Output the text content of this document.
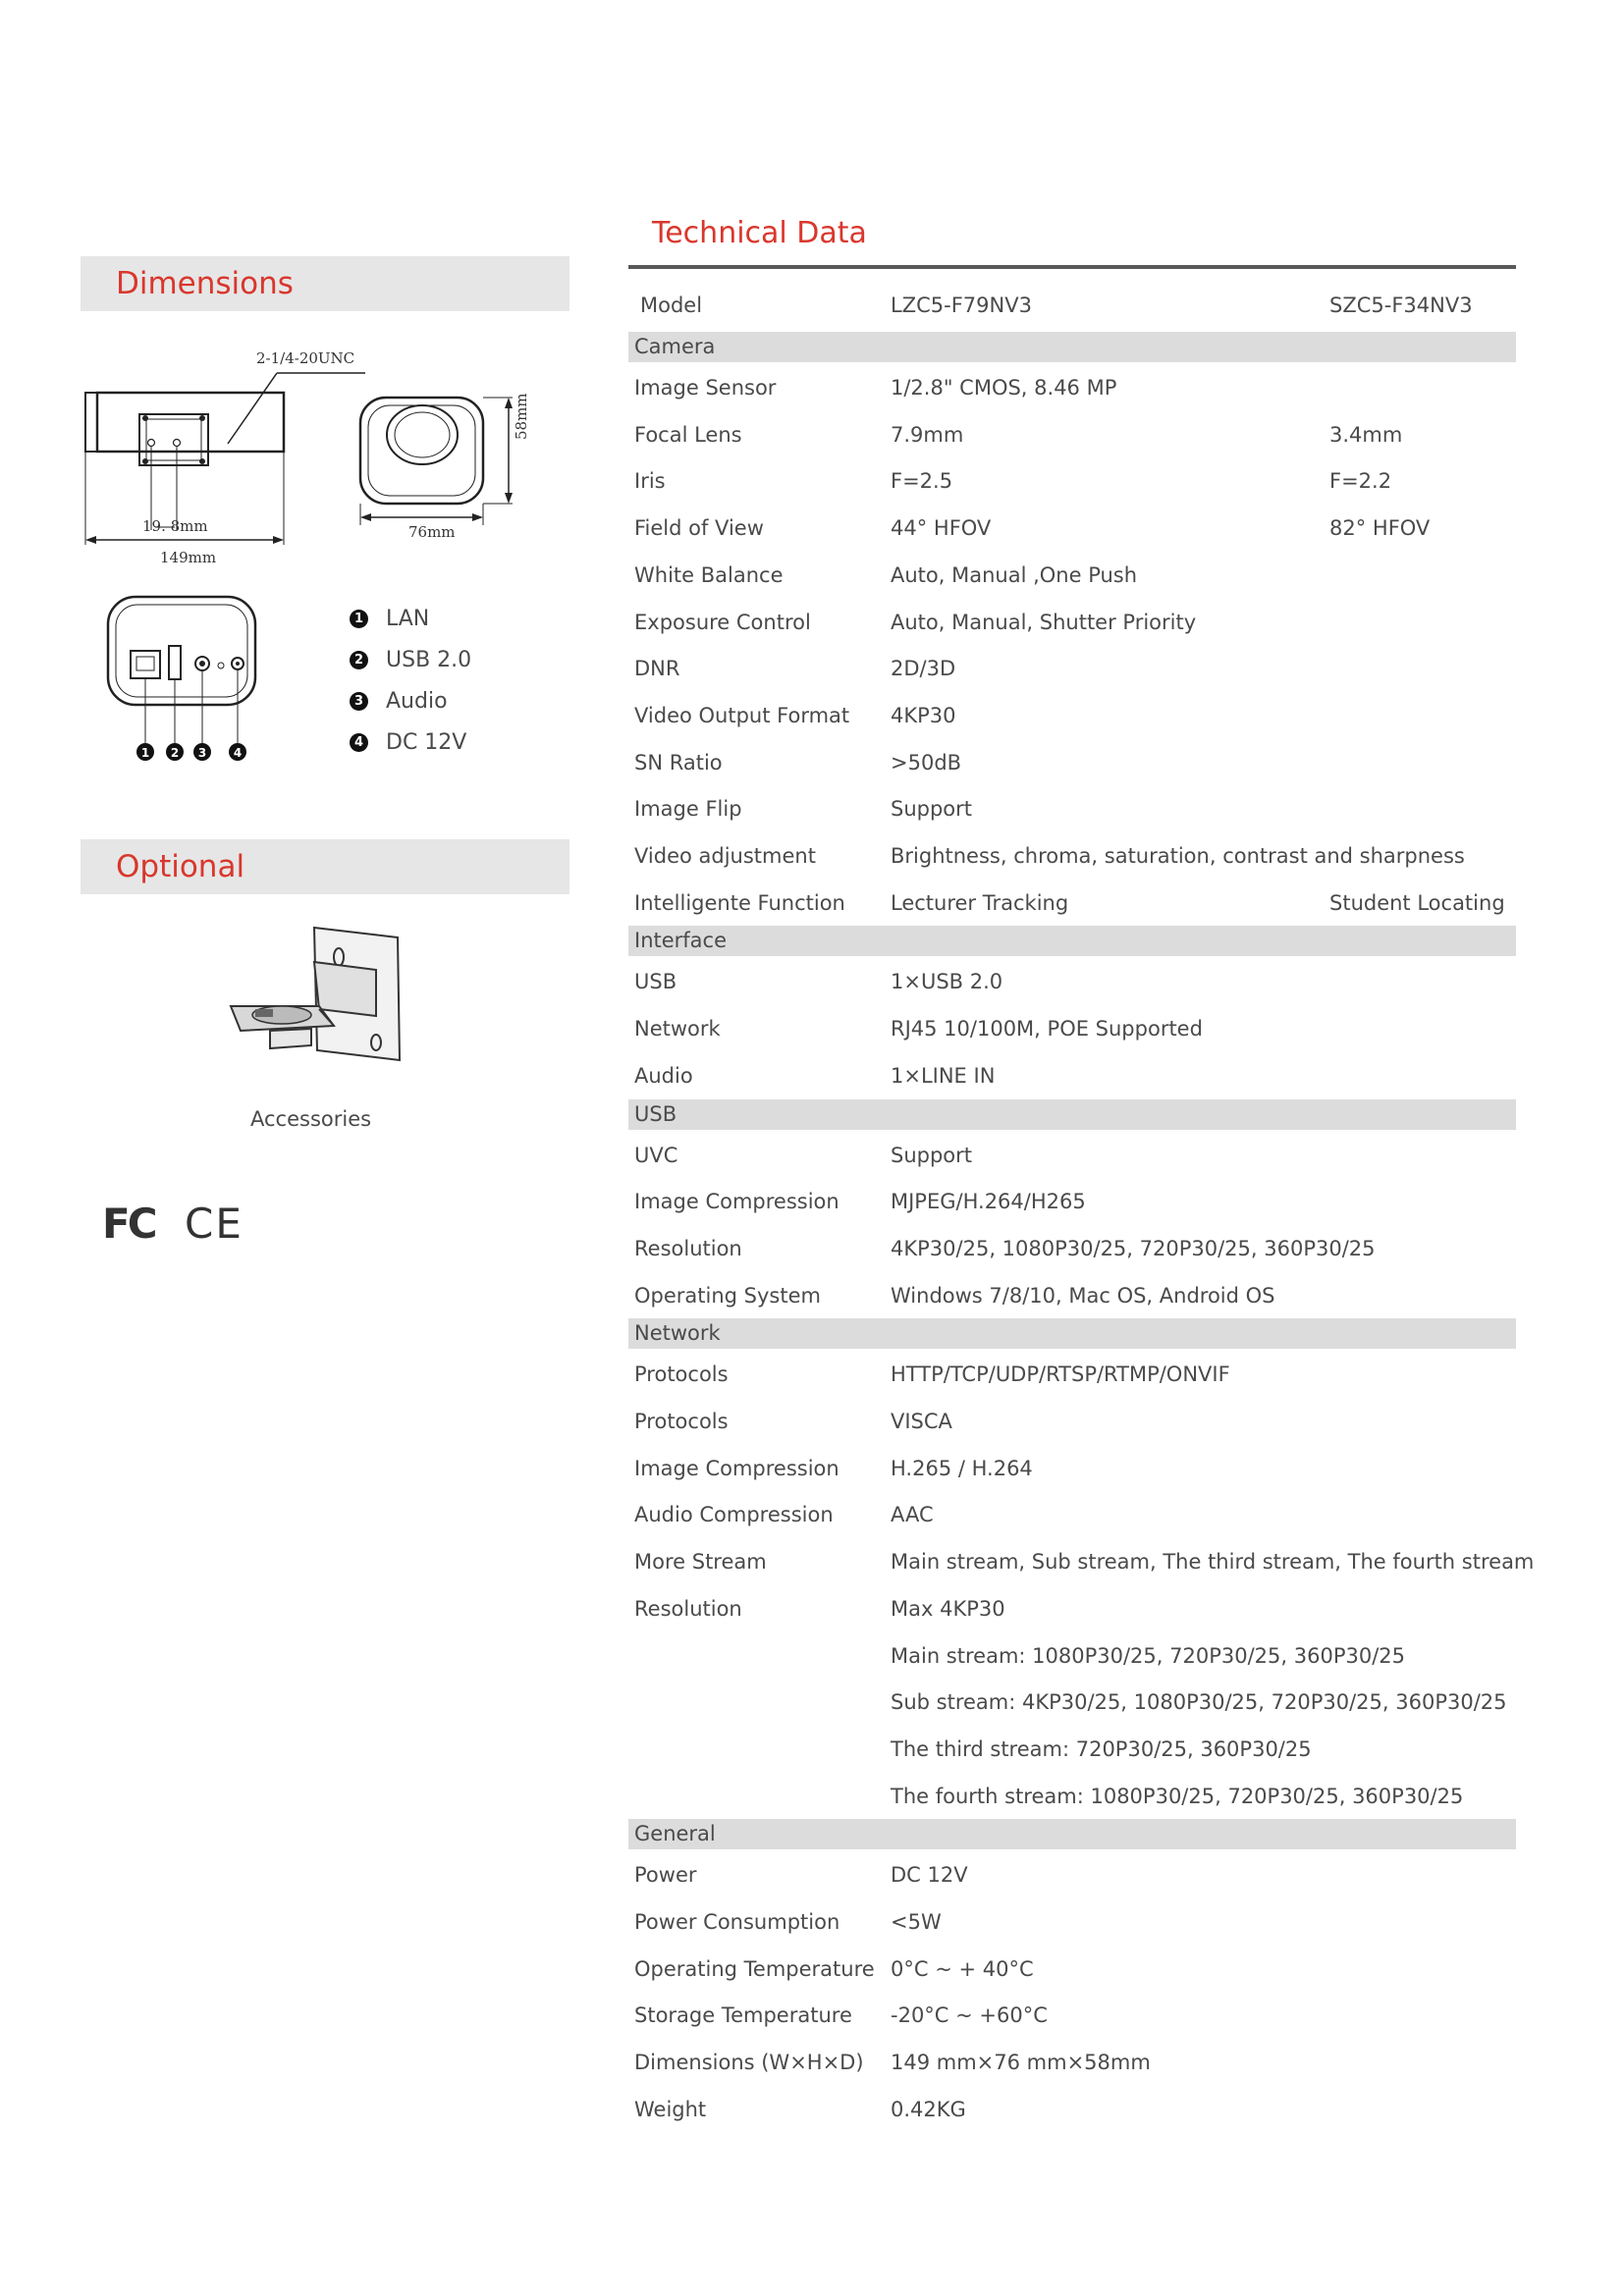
Dimensions
2-1/4-20UNC
19. 8mm
149mm
76mm
58mm
1 2 3 4
1 LAN
2 USB 2.0
3 Audio
4 DC 12V
Optional
Accessories
FC CE
Technical Data
Model	LZC5-F79NV3	SZC5-F34NV3
Camera
Image Sensor	1/2.8" CMOS, 8.46 MP
Focal Lens	7.9mm	3.4mm
Iris	F=2.5	F=2.2
Field of View	44° HFOV	82° HFOV
White Balance	Auto, Manual ,One Push
Exposure Control	Auto, Manual, Shutter Priority
DNR	2D/3D
Video Output Format 4KP30
SN Ratio	>50dB
Image Flip	Support
Video adjustment	Brightness, chroma, saturation, contrast and sharpness
Intelligente Function Lecturer Tracking	Student Locating
Interface
USB	1×USB 2.0
Network	RJ45 10/100M, POE Supported
Audio	1×LINE IN
USB
UVC	Support
Image Compression MJPEG/H.264/H265
Resolution	4KP30/25, 1080P30/25, 720P30/25, 360P30/25
Operating System	Windows 7/8/10, Mac OS, Android OS
Network
Protocols	HTTP/TCP/UDP/RTSP/RTMP/ONVIF
Protocols	VISCA
Image Compression H.265 / H.264
Audio Compression	AAC
More Stream	Main stream, Sub stream, The third stream, The fourth stream
Resolution	Max 4KP30
Main stream: 1080P30/25, 720P30/25, 360P30/25
Sub stream: 4KP30/25, 1080P30/25, 720P30/25, 360P30/25
The third stream: 720P30/25, 360P30/25
The fourth stream: 1080P30/25, 720P30/25, 360P30/25
General
Power	DC 12V
Power Consumption <5W
Operating Temperature 0°C ~ + 40°C
Storage Temperature -20°C ~ +60°C
Dimensions (W×H×D) 149 mm×76 mm×58mm
Weight	0.42KG
